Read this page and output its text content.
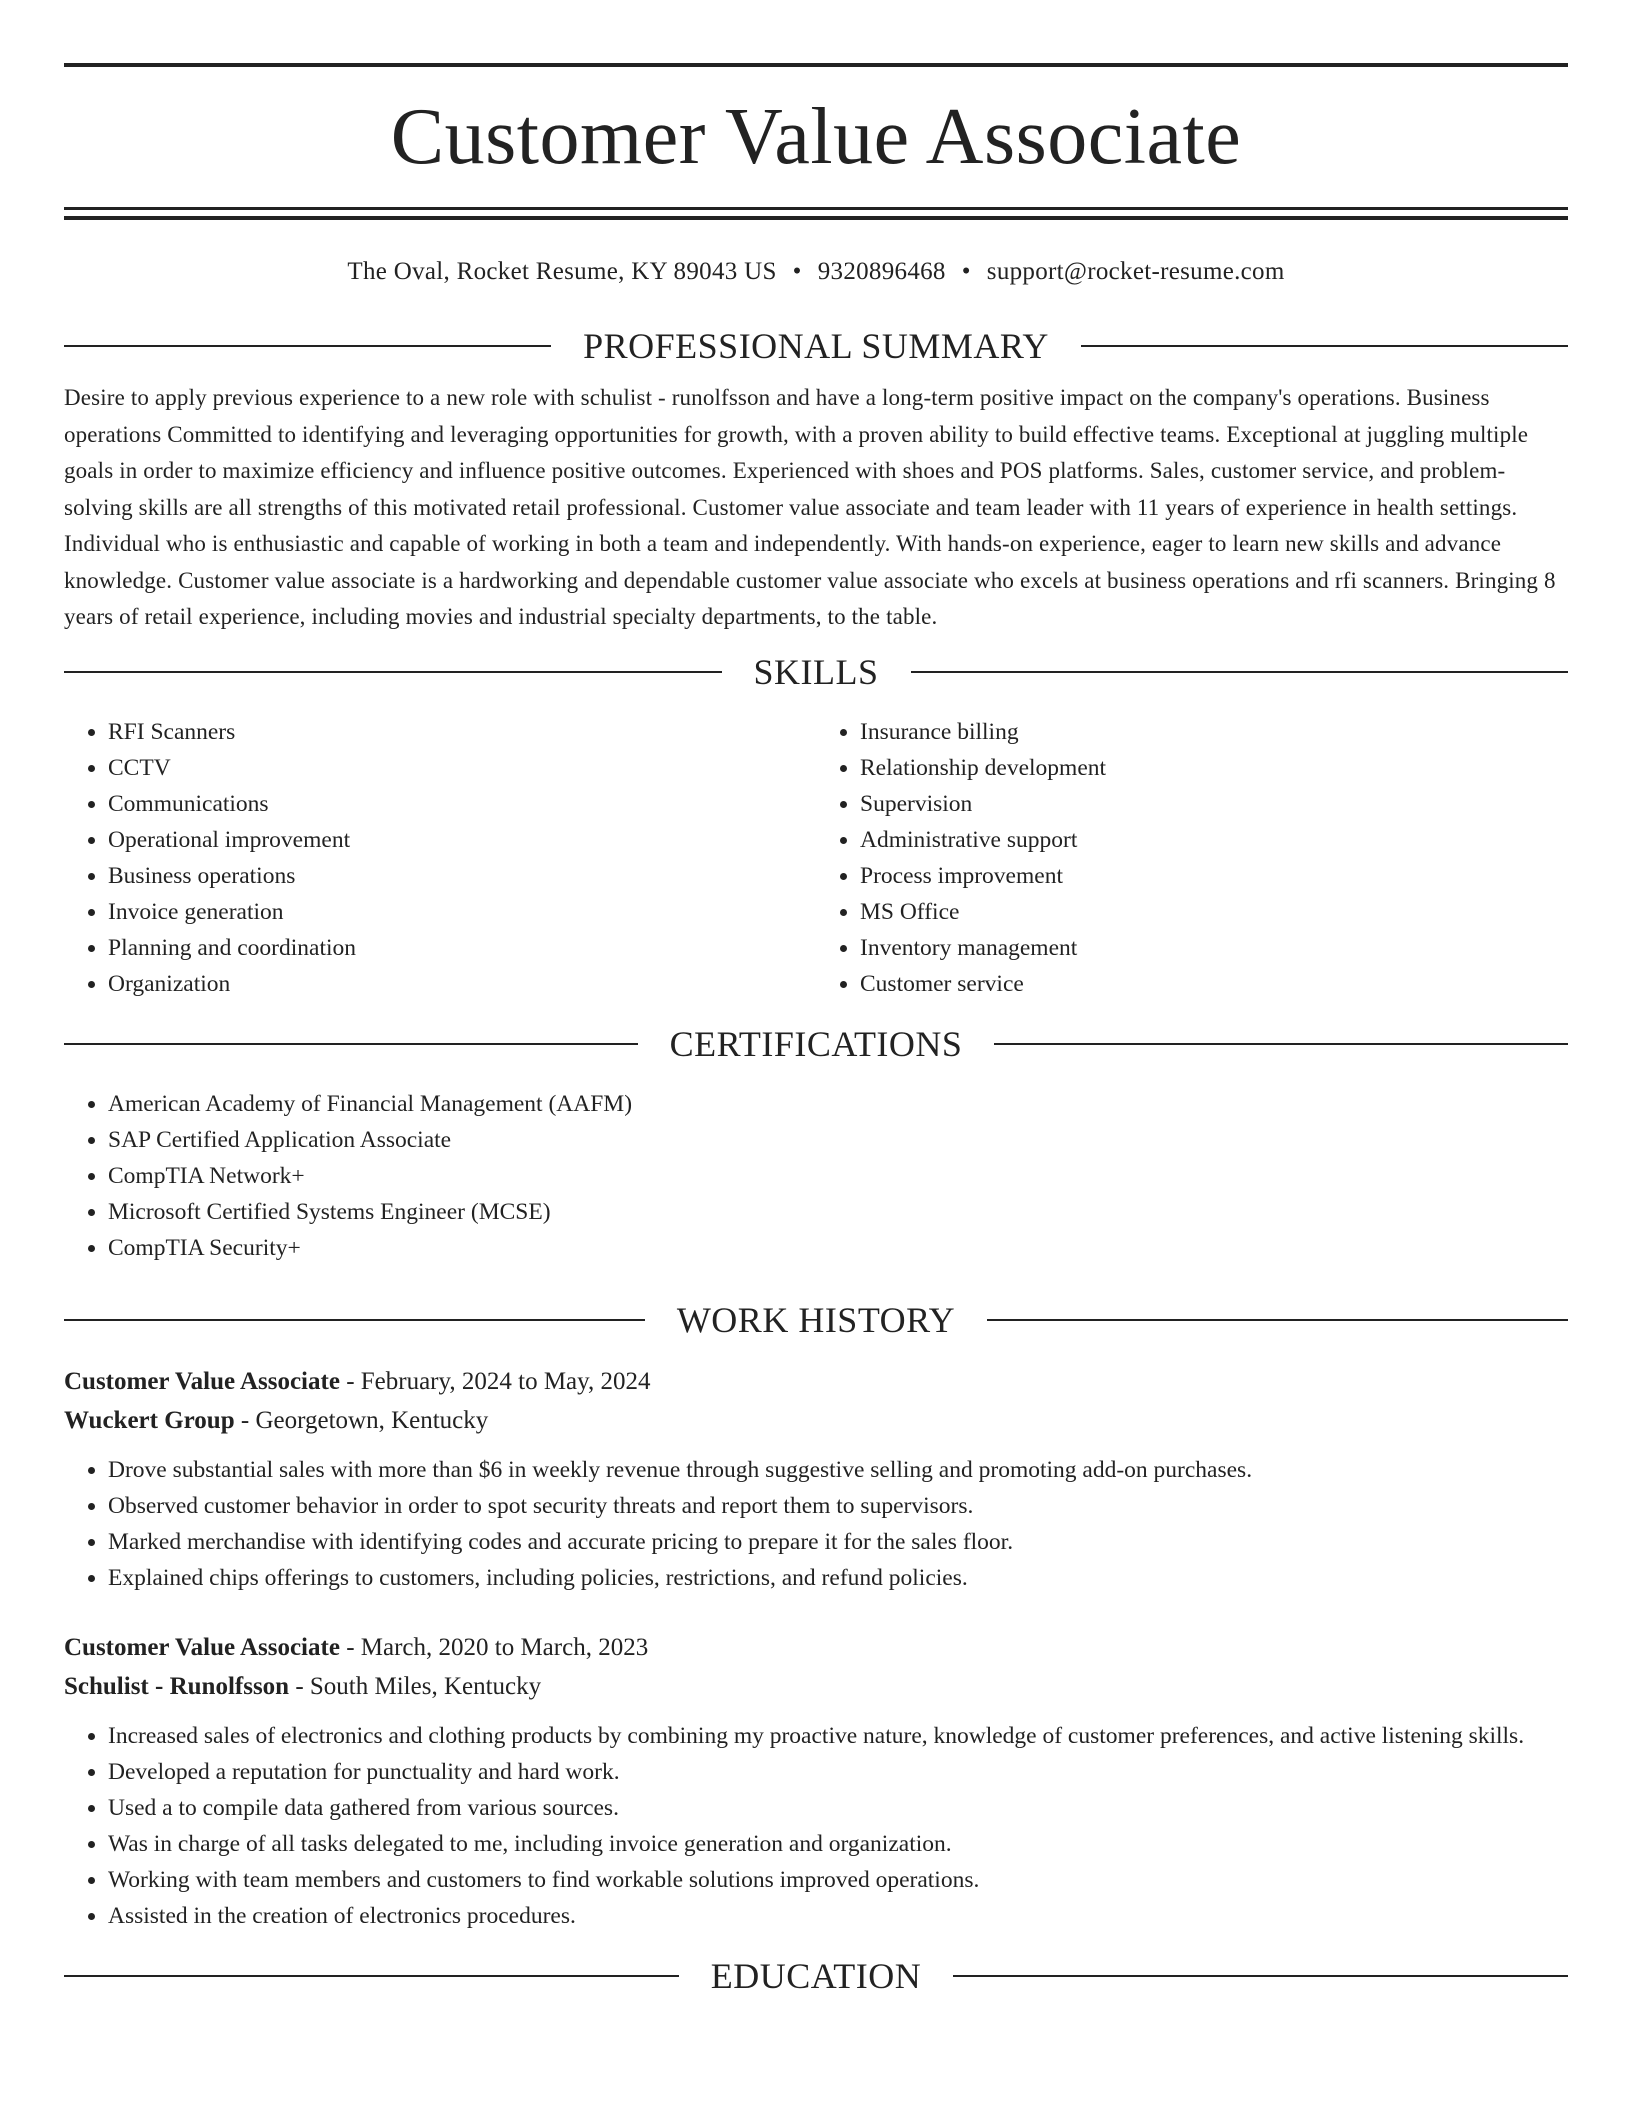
Customer Value Associate
The Oval, Rocket Resume, KY 89043 US • 9320896468 • support@rocket-resume.com
PROFESSIONAL SUMMARY

Desire to apply previous experience to a new role with schulist - runolfsson and have a long-term positive impact on the company's operations. Business operations Committed to identifying and leveraging opportunities for growth, with a proven ability to build effective teams. Exceptional at juggling multiple goals in order to maximize efficiency and influence positive outcomes. Experienced with shoes and POS platforms. Sales, customer service, and problem-solving skills are all strengths of this motivated retail professional. Customer value associate and team leader with 11 years of experience in health settings. Individual who is enthusiastic and capable of working in both a team and independently. With hands-on experience, eager to learn new skills and advance knowledge. Customer value associate is a hardworking and dependable customer value associate who excels at business operations and rfi scanners. Bringing 8 years of retail experience, including movies and industrial specialty departments, to the table.

SKILLS
• RFI Scanners
• CCTV
• Communications
• Operational improvement
• Business operations
• Invoice generation
• Planning and coordination
• Organization
• Insurance billing
• Relationship development
• Supervision
• Administrative support
• Process improvement
• MS Office
• Inventory management
• Customer service
CERTIFICATIONS
• American Academy of Financial Management (AAFM)
• SAP Certified Application Associate
• CompTIA Network+
• Microsoft Certified Systems Engineer (MCSE)
• CompTIA Security+
WORK HISTORY
Customer Value Associate - February, 2024 to May, 2024
Wuckert Group - Georgetown, Kentucky
• Drove substantial sales with more than $6 in weekly revenue through suggestive selling and promoting add-on purchases.
• Observed customer behavior in order to spot security threats and report them to supervisors.
• Marked merchandise with identifying codes and accurate pricing to prepare it for the sales floor.
• Explained chips offerings to customers, including policies, restrictions, and refund policies.
Customer Value Associate - March, 2020 to March, 2023
Schulist - Runolfsson - South Miles, Kentucky
• Increased sales of electronics and clothing products by combining my proactive nature, knowledge of customer preferences, and active listening skills.
• Developed a reputation for punctuality and hard work.
• Used a to compile data gathered from various sources.
• Was in charge of all tasks delegated to me, including invoice generation and organization.
• Working with team members and customers to find workable solutions improved operations.
• Assisted in the creation of electronics procedures.
EDUCATION
